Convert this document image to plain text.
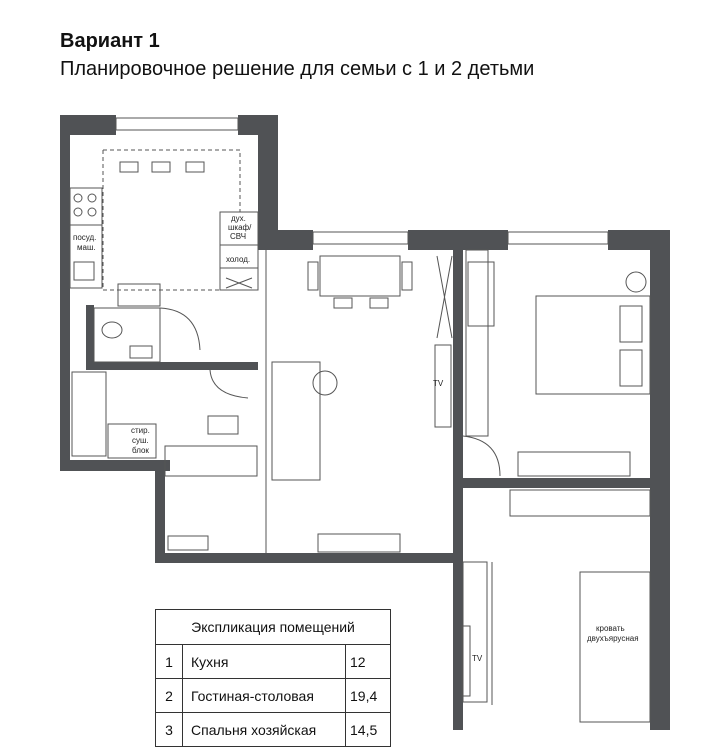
Вариант 1
Планировочное решение для семьи с 1 и 2 детьми
посуд.
маш.
дух.
шкаф/
СВЧ
холод.
стир.
суш.
блок
TV
TV
кровать
двухъярусная
Экспликация помещений
1	Кухня	12
2	Гостиная-столовая	19,4
3	Спальня хозяйская	14,5
